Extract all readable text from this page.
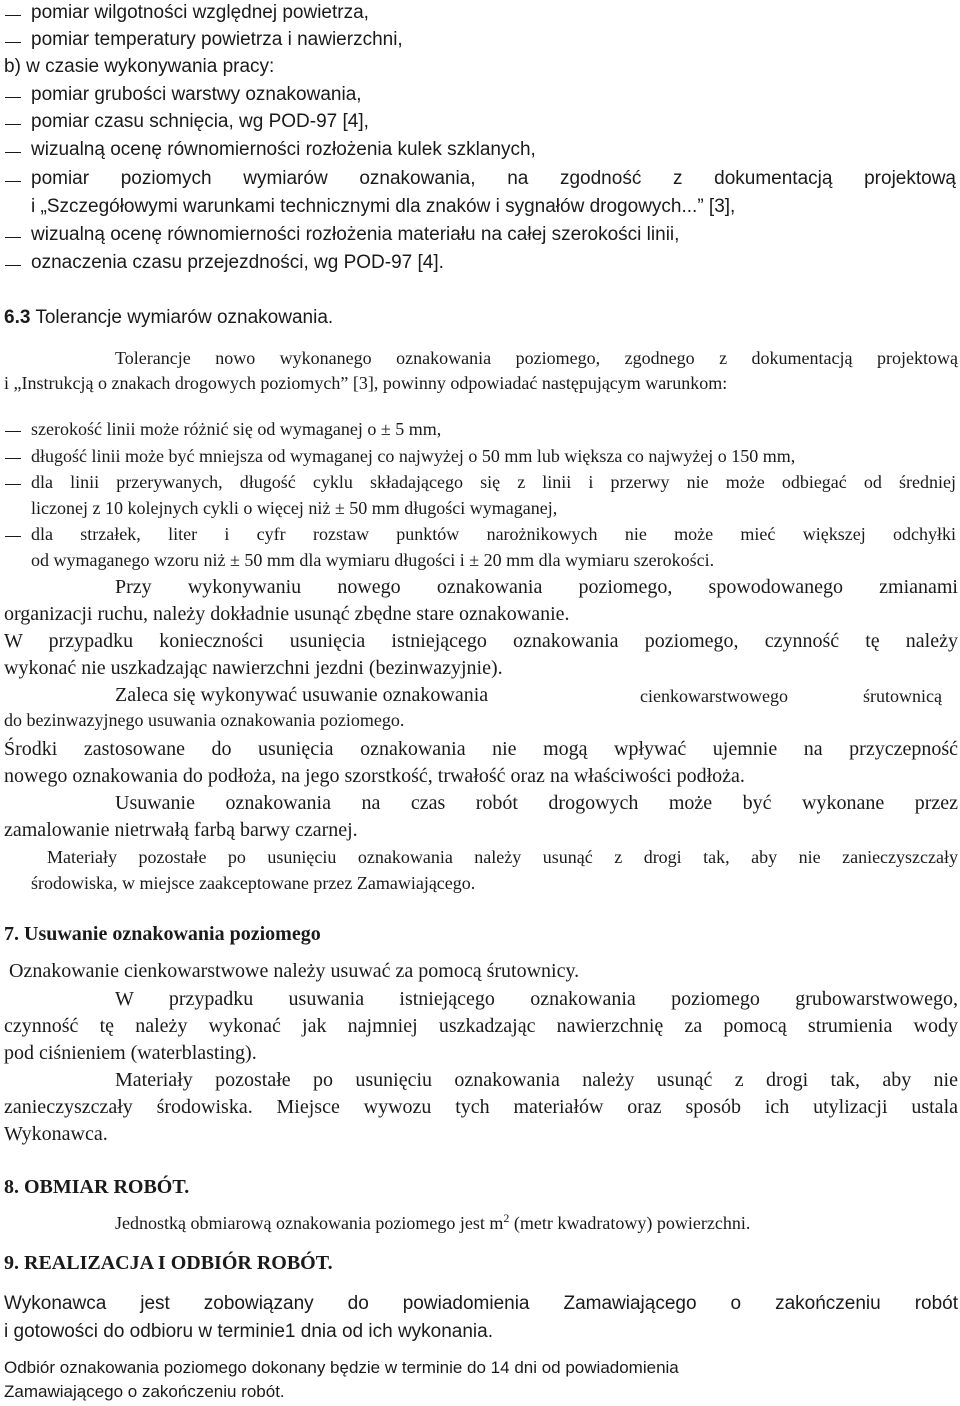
pomiar wilgotności względnej powietrza,
pomiar temperatury powietrza i nawierzchni,
b) w czasie wykonywania pracy:
pomiar grubości warstwy oznakowania,
pomiar czasu schnięcia, wg POD-97 [4],
wizualną ocenę równomierności rozłożenia kulek szklanych,
pomiar poziomych wymiarów oznakowania, na zgodność z dokumentacją projektową
i „Szczegółowymi warunkami technicznymi dla znaków i sygnałów drogowych...” [3],
wizualną ocenę równomierności rozłożenia materiału na całej szerokości linii,
oznaczenia czasu przejezdności, wg POD-97 [4].
6.3 Tolerancje wymiarów oznakowania.
Tolerancje nowo wykonanego oznakowania poziomego, zgodnego z dokumentacją projektową
i „Instrukcją o znakach drogowych poziomych” [3], powinny odpowiadać następującym warunkom:
szerokość linii może różnić się od wymaganej o ± 5 mm,
długość linii może być mniejsza od wymaganej co najwyżej o 50 mm lub większa co najwyżej o 150 mm,
dla linii przerywanych, długość cyklu składającego się z linii i przerwy nie może odbiegać od średniej
liczonej z 10 kolejnych cykli o więcej niż ± 50 mm długości wymaganej,
dla strzałek, liter i cyfr rozstaw punktów narożnikowych nie może mieć większej odchyłki
od wymaganego wzoru niż ± 50 mm dla wymiaru długości i ± 20 mm dla wymiaru szerokości.
Przy wykonywaniu nowego oznakowania poziomego, spowodowanego zmianami
organizacji ruchu, należy dokładnie usunąć zbędne stare oznakowanie.
W przypadku konieczności usunięcia istniejącego oznakowania poziomego, czynność tę należy
wykonać nie uszkadzając nawierzchni jezdni (bezinwazyjnie).
Zaleca się wykonywać usuwanie oznakowania	cienkowarstwowego	śrutownicą
do bezinwazyjnego usuwania oznakowania poziomego.
Środki zastosowane do usunięcia oznakowania nie mogą wpływać ujemnie na przyczepność
nowego oznakowania do podłoża, na jego szorstkość, trwałość oraz na właściwości podłoża.
Usuwanie oznakowania na czas robót drogowych może być wykonane przez
zamalowanie nietrwałą farbą barwy czarnej.
Materiały pozostałe po usunięciu oznakowania należy usunąć z drogi tak, aby nie zanieczyszczały
środowiska, w miejsce zaakceptowane przez Zamawiającego.
7. Usuwanie oznakowania poziomego
Oznakowanie cienkowarstwowe należy usuwać za pomocą śrutownicy.
W przypadku usuwania istniejącego oznakowania poziomego grubowarstwowego,
czynność tę należy wykonać jak najmniej uszkadzając nawierzchnię za pomocą strumienia wody
pod ciśnieniem (waterblasting).
Materiały pozostałe po usunięciu oznakowania należy usunąć z drogi tak, aby nie
zanieczyszczały środowiska. Miejsce wywozu tych materiałów oraz sposób ich utylizacji ustala
Wykonawca.
8. OBMIAR ROBÓT.
Jednostką obmiarową oznakowania poziomego jest $m^2$ (metr kwadratowy) powierzchni.
9. REALIZACJA I ODBIÓR ROBÓT.
Wykonawca jest zobowiązany do powiadomienia Zamawiającego o zakończeniu robót
i gotowości do odbioru w terminie1 dnia od ich wykonania.
Odbiór oznakowania poziomego dokonany będzie w terminie do 14 dni od powiadomienia
Zamawiającego o zakończeniu robót.
